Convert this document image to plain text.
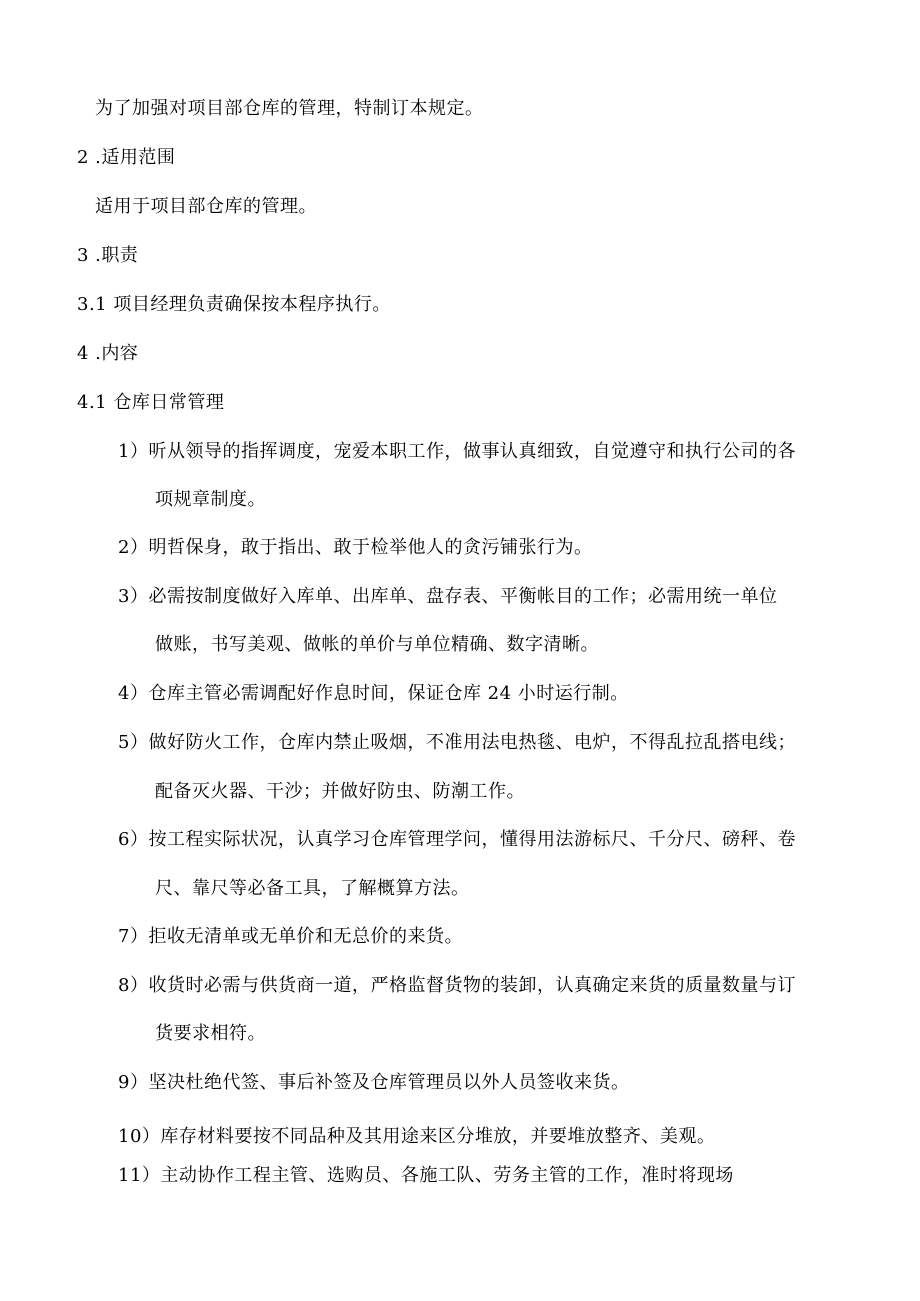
为了加强对项目部仓库的管理，特制订本规定。
2 .适用范围
适用于项目部仓库的管理。
3 .职责
3.1 项目经理负责确保按本程序执行。
4 .内容
4.1 仓库日常管理
1）听从领导的指挥调度，宠爱本职工作，做事认真细致，自觉遵守和执行公司的各
项规章制度。
2）明哲保身，敢于指出、敢于检举他人的贪污铺张行为。
3）必需按制度做好入库单、出库单、盘存表、平衡帐目的工作；必需用统一单位
做账，书写美观、做帐的单价与单位精确、数字清晰。
4）仓库主管必需调配好作息时间，保证仓库 24 小时运行制。
5）做好防火工作，仓库内禁止吸烟，不准用法电热毯、电炉，不得乱拉乱搭电线；
配备灭火器、干沙；并做好防虫、防潮工作。
6）按工程实际状况，认真学习仓库管理学问，懂得用法游标尺、千分尺、磅秤、卷
尺、靠尺等必备工具，了解概算方法。
7）拒收无清单或无单价和无总价的来货。
8）收货时必需与供货商一道，严格监督货物的装卸，认真确定来货的质量数量与订
货要求相符。
9）坚决杜绝代签、事后补签及仓库管理员以外人员签收来货。
10）库存材料要按不同品种及其用途来区分堆放，并要堆放整齐、美观。
11）主动协作工程主管、选购员、各施工队、劳务主管的工作，准时将现场
